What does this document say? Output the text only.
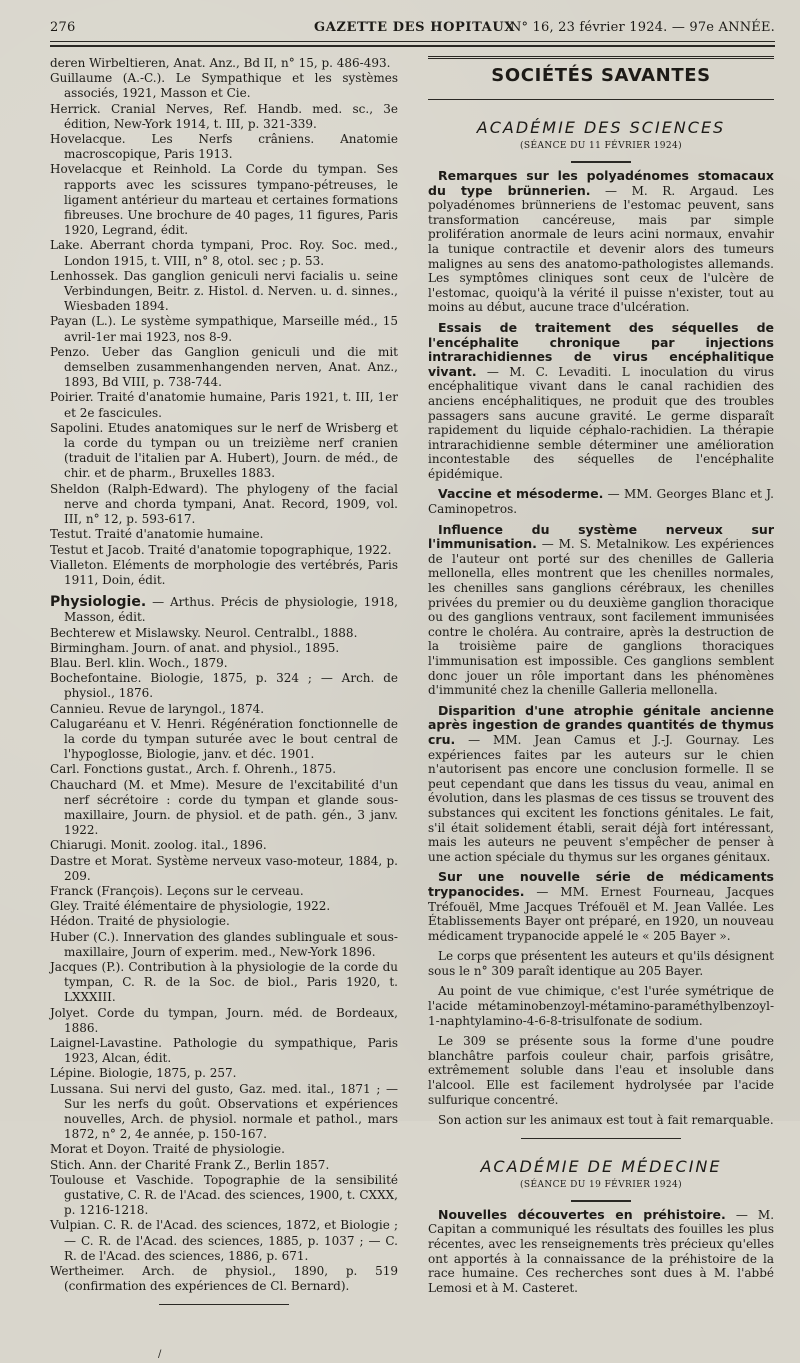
276	GAZETTE DES HOPITAUX
N° 16, 23 février 1924. — 97e ANNÉE.

deren Wirbeltieren, Anat. Anz., Bd II, n° 15, p. 486-493.

Guillaume (A.-C.). Le Sympathique et les systèmes associés, 1921, Masson et Cie.

Herrick. Cranial Nerves, Ref. Handb. med. sc., 3e édition, New-York 1914, t. III, p. 321-339.

Hovelacque. Les Nerfs crâniens. Anatomie macroscopique, Paris 1913.

Hovelacque et Reinhold. La Corde du tympan. Ses rapports avec les scissures tympano-pétreuses, le ligament antérieur du marteau et certaines formations fibreuses. Une brochure de 40 pages, 11 figures, Paris 1920, Legrand, édit.

Lake. Aberrant chorda tympani, Proc. Roy. Soc. med., London 1915, t. VIII, n° 8, otol. sec ; p. 53.

Lenhossek. Das ganglion geniculi nervi facialis u. seine Verbindungen, Beitr. z. Histol. d. Nerven. u. d. sinnes., Wiesbaden 1894.

Payan (L.). Le système sympathique, Marseille méd., 15 avril-1er mai 1923, nos 8-9.

Penzo. Ueber das Ganglion geniculi und die mit demselben zusammenhangenden nerven, Anat. Anz., 1893, Bd VIII, p. 738-744.

Poirier. Traité d'anatomie humaine, Paris 1921, t. III, 1er et 2e fascicules.

Sapolini. Etudes anatomiques sur le nerf de Wrisberg et la corde du tympan ou un treizième nerf cranien (traduit de l'italien par A. Hubert), Journ. de méd., de chir. et de pharm., Bruxelles 1883.

Sheldon (Ralph-Edward). The phylogeny of the facial nerve and chorda tympani, Anat. Record, 1909, vol. III, n° 12, p. 593-617.

Testut. Traité d'anatomie humaine.

Testut et Jacob. Traité d'anatomie topographique, 1922.

Vialleton. Eléments de morphologie des vertébrés, Paris 1911, Doin, édit.

Physiologie. — Arthus. Précis de physiologie, 1918, Masson, édit.

Bechterew et Mislawsky. Neurol. Centralbl., 1888.

Birmingham. Journ. of anat. and physiol., 1895.

Blau. Berl. klin. Woch., 1879.

Bochefontaine. Biologie, 1875, p. 324 ; — Arch. de physiol., 1876.

Cannieu. Revue de laryngol., 1874.

Calugaréanu et V. Henri. Régénération fonctionnelle de la corde du tympan suturée avec le bout central de l'hypoglosse, Biologie, janv. et déc. 1901.

Carl. Fonctions gustat., Arch. f. Ohrenh., 1875.

Chauchard (M. et Mme). Mesure de l'excitabilité d'un nerf sécrétoire : corde du tympan et glande sous-maxillaire, Journ. de physiol. et de path. gén., 3 janv. 1922.

Chiarugi. Monit. zoolog. ital., 1896.

Dastre et Morat. Système nerveux vaso-moteur, 1884, p. 209.

Franck (François). Leçons sur le cerveau.

Gley. Traité élémentaire de physiologie, 1922.

Hédon. Traité de physiologie.

Huber (C.). Innervation des glandes sublinguale et sous-maxillaire, Journ of experim. med., New-York 1896.

Jacques (P.). Contribution à la physiologie de la corde du tympan, C. R. de la Soc. de biol., Paris 1920, t. LXXXIII.

Jolyet. Corde du tympan, Journ. méd. de Bordeaux, 1886.

Laignel-Lavastine. Pathologie du sympathique, Paris 1923, Alcan, édit.

Lépine. Biologie, 1875, p. 257.

Lussana. Sui nervi del gusto, Gaz. med. ital., 1871 ; — Sur les nerfs du goût. Observations et expériences nouvelles, Arch. de physiol. normale et pathol., mars 1872, n° 2, 4e année, p. 150-167.

Morat et Doyon. Traité de physiologie.

Stich. Ann. der Charité Frank Z., Berlin 1857.

Toulouse et Vaschide. Topographie de la sensibilité gustative, C. R. de l'Acad. des sciences, 1900, t. CXXX, p. 1216-1218.

Vulpian. C. R. de l'Acad. des sciences, 1872, et Biologie ; — C. R. de l'Acad. des sciences, 1885, p. 1037 ; — C. R. de l'Acad. des sciences, 1886, p. 671.

Wertheimer. Arch. de physiol., 1890, p. 519 (confirmation des expériences de Cl. Bernard).

/
SOCIÉTÉS SAVANTES
ACADÉMIE DES SCIENCES
(SÉANCE DU 11 FÉVRIER 1924)

Remarques sur les polyadénomes stomacaux du type brünnerien. — M. R. Argaud. Les polyadénomes brünneriens de l'estomac peuvent, sans transformation cancéreuse, mais par simple prolifération anormale de leurs acini normaux, envahir la tunique contractile et devenir alors des tumeurs malignes au sens des anatomo-pathologistes allemands. Les symptômes cliniques sont ceux de l'ulcère de l'estomac, quoiqu'à la vérité il puisse n'exister, tout au moins au début, aucune trace d'ulcération.

Essais de traitement des séquelles de l'encéphalite chronique par injections intrarachidiennes de virus encéphalitique vivant. — M. C. Levaditi. L inoculation du virus encéphalitique vivant dans le canal rachidien des anciens encéphalitiques, ne produit que des troubles passagers sans aucune gravité. Le germe disparaît rapidement du liquide céphalo-rachidien. La thérapie intrarachidienne semble déterminer une amélioration incontestable des séquelles de l'encéphalite épidémique.

Vaccine et mésoderme. — MM. Georges Blanc et J. Caminopetros.

Influence du système nerveux sur l'immunisation. — M. S. Metalnikow. Les expériences de l'auteur ont porté sur des chenilles de Galleria mellonella, elles montrent que les chenilles normales, les chenilles sans ganglions cérébraux, les chenilles privées du premier ou du deuxième ganglion thoracique ou des ganglions ventraux, sont facilement immunisées contre le choléra. Au contraire, après la destruction de la troisième paire de ganglions thoraciques l'immunisation est impossible. Ces ganglions semblent donc jouer un rôle important dans les phénomènes d'immunité chez la chenille Galleria mellonella.

Disparition d'une atrophie génitale ancienne après ingestion de grandes quantités de thymus cru. — MM. Jean Camus et J.-J. Gournay. Les expériences faites par les auteurs sur le chien n'autorisent pas encore une conclusion formelle. Il se peut cependant que dans les tissus du veau, animal en évolution, dans les plasmas de ces tissus se trouvent des substances qui excitent les fonctions génitales. Le fait, s'il était solidement établi, serait déjà fort intéressant, mais les auteurs ne peuvent s'empêcher de penser à une action spéciale du thymus sur les organes génitaux.

Sur une nouvelle série de médicaments trypanocides. — MM. Ernest Fourneau, Jacques Tréfouël, Mme Jacques Tréfouël et M. Jean Vallée. Les Établissements Bayer ont préparé, en 1920, un nouveau médicament trypanocide appelé le « 205 Bayer ».

Le corps que présentent les auteurs et qu'ils désignent sous le n° 309 paraît identique au 205 Bayer.

Au point de vue chimique, c'est l'urée symétrique de l'acide métaminobenzoyl-métamino-paraméthylbenzoyl-1-naphtylamino-4-6-8-trisulfonate de sodium.

Le 309 se présente sous la forme d'une poudre blanchâtre parfois couleur chair, parfois grisâtre, extrêmement soluble dans l'eau et insoluble dans l'alcool. Elle est facilement hydrolysée par l'acide sulfurique concentré.

Son action sur les animaux est tout à fait remarquable.

ACADÉMIE DE MÉDECINE
(SÉANCE DU 19 FÉVRIER 1924)

Nouvelles découvertes en préhistoire. — M. Capitan a communiqué les résultats des fouilles les plus récentes, avec les renseignements très précieux qu'elles ont apportés à la connaissance de la préhistoire de la race humaine. Ces recherches sont dues à M. l'abbé Lemosi et à M. Casteret.
